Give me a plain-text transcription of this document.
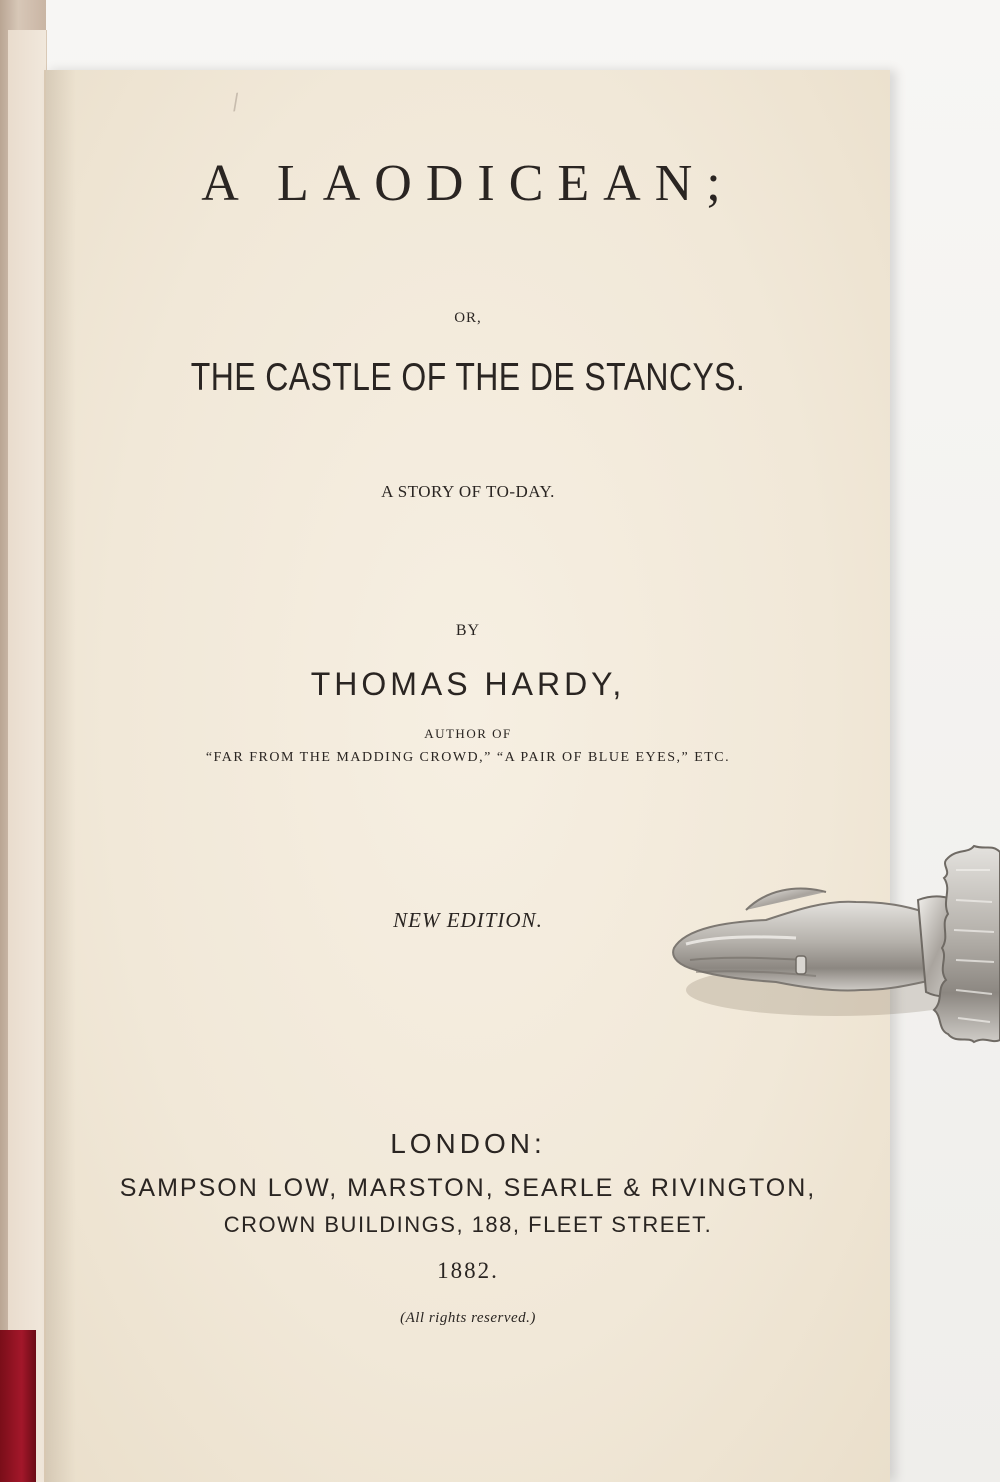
/
A LAODICEAN;
OR,
THE CASTLE OF THE DE STANCYS.
A STORY OF TO-DAY.
BY
THOMAS HARDY,
AUTHOR OF
“FAR FROM THE MADDING CROWD,” “A PAIR OF BLUE EYES,” ETC.
NEW EDITION.
LONDON:
SAMPSON LOW, MARSTON, SEARLE & RIVINGTON,
CROWN BUILDINGS, 188, FLEET STREET.
1882.
(All rights reserved.)
